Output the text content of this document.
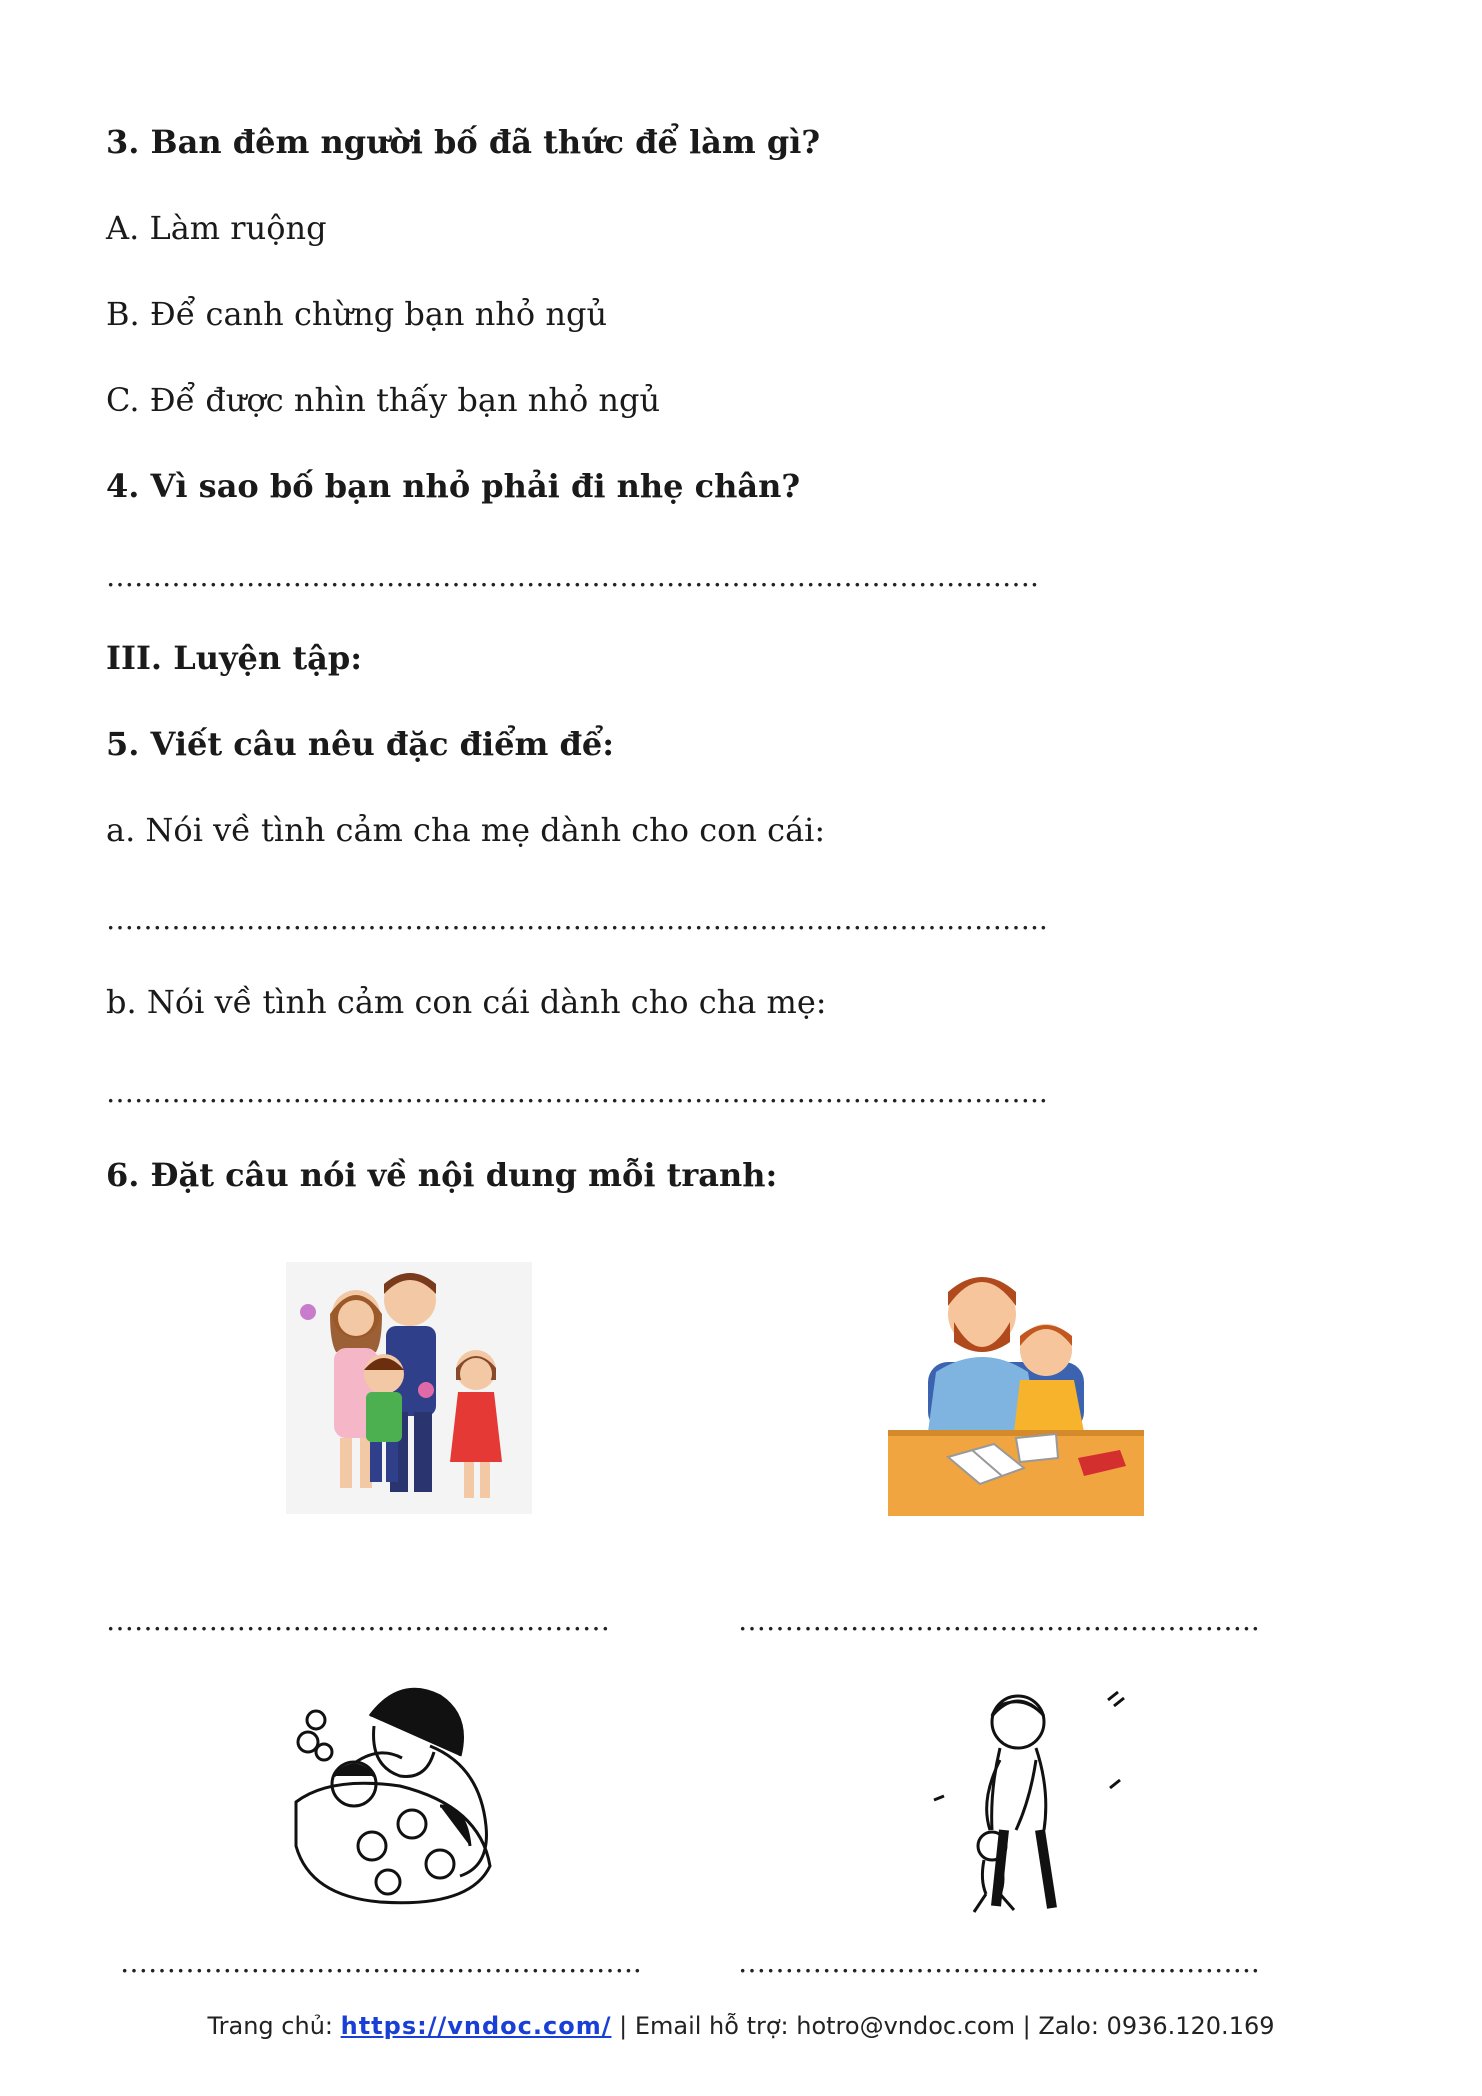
3. Ban đêm người bố đã thức để làm gì?
A. Làm ruộng
B. Để canh chừng bạn nhỏ ngủ
C. Để được nhìn thấy bạn nhỏ ngủ
4. Vì sao bố bạn nhỏ phải đi nhẹ chân?
……………………………………………………………………………………….
III. Luyện tập:
5. Viết câu nêu đặc điểm để:
a. Nói về tình cảm cha mẹ dành cho con cái:
………………………………………………………………………………………..
b. Nói về tình cảm con cái dành cho cha mẹ:
………………………………………………………………………………………..
6. Đặt câu nói về nội dung mỗi tranh:
………………………………………………	………………………………………………..
………………………………………………..	………………………………………………..
Trang chủ: https://vndoc.com/ | Email hỗ trợ: hotro@vndoc.com | Zalo: 0936.120.169
